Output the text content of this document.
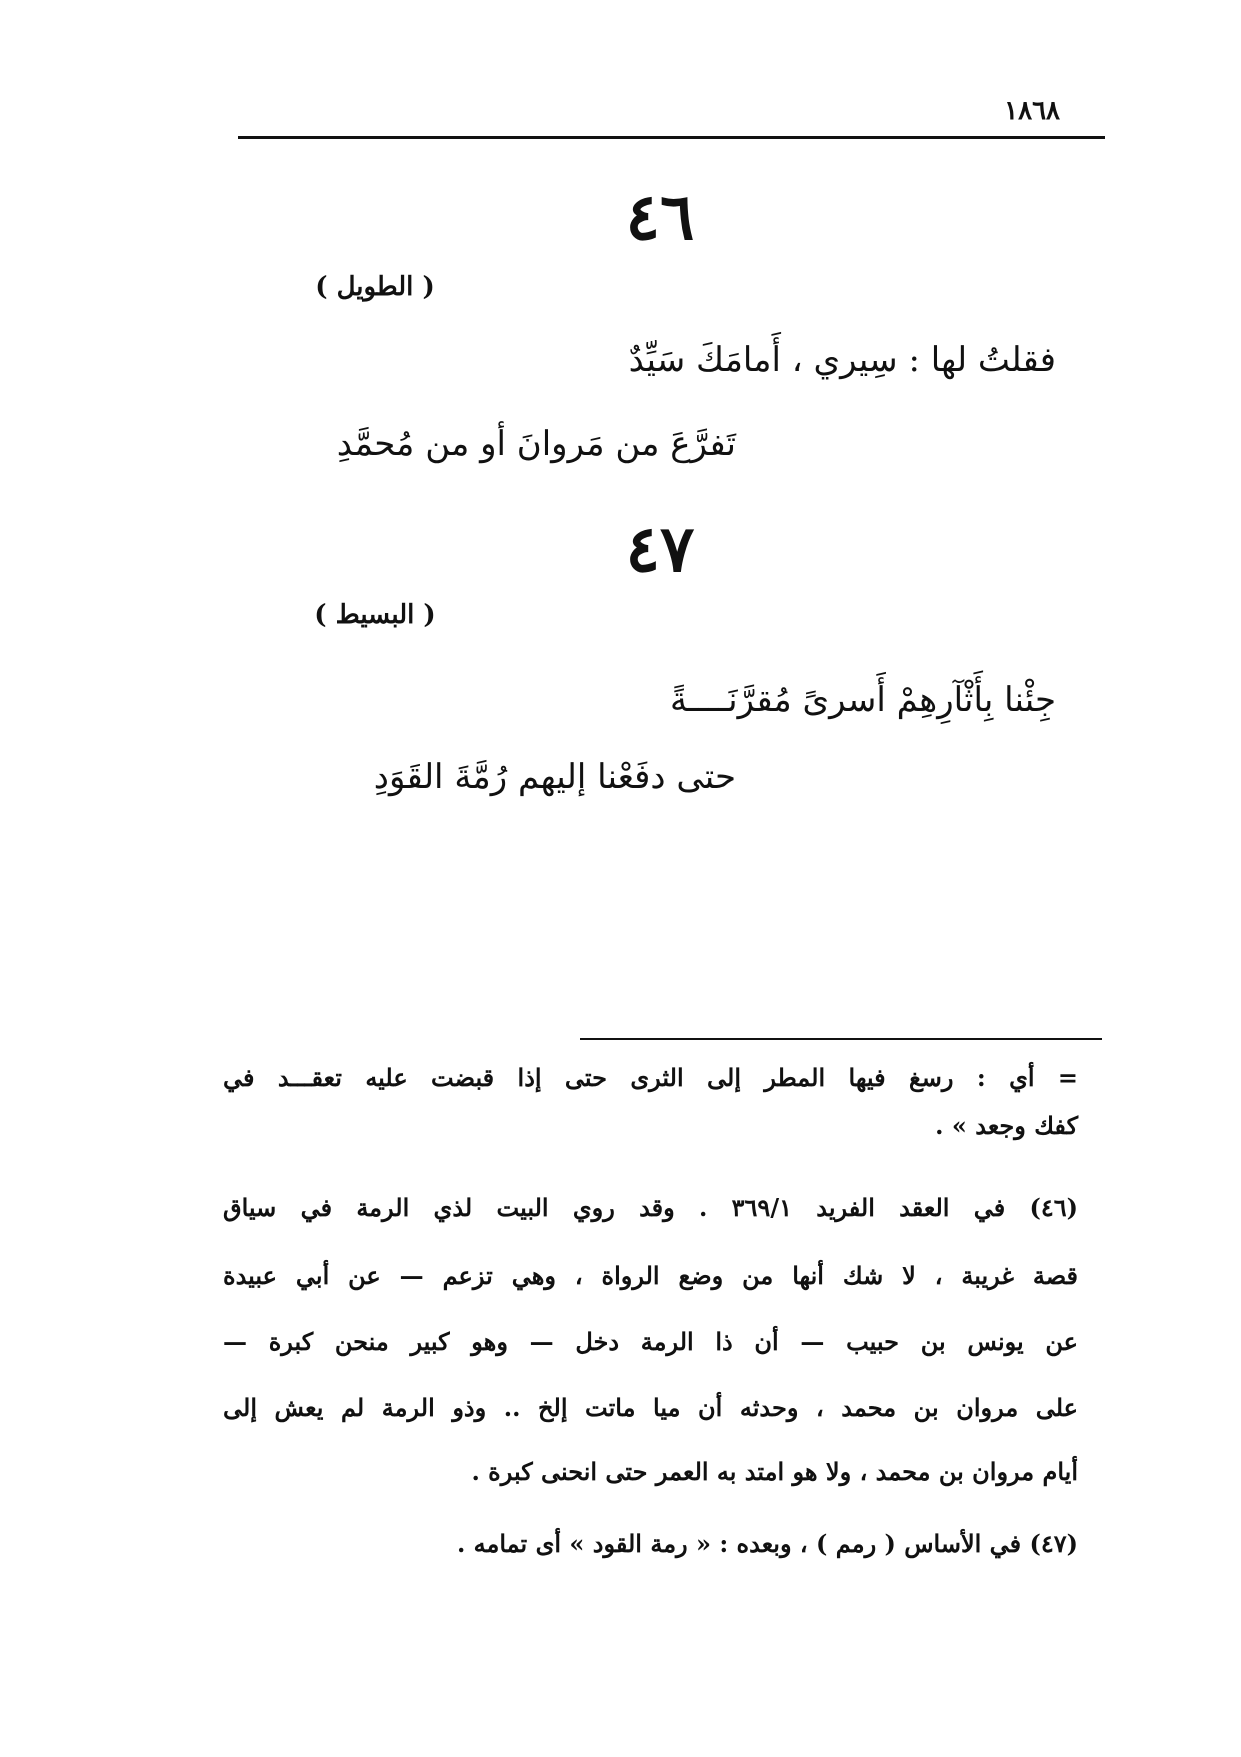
١٨٦٨
٤٦
( الطويل )
فقلتُ لها : سِيري ، أَمامَكَ سَيِّدٌ
تَفرَّعَ من مَروانَ أو من مُحمَّدِ
٤٧
( البسيط )
جِئْنا بِأَثْآرِهِمْ أَسرىً مُقرَّنَــــةً
حتى دفَعْنا إليهم رُمَّةَ القَوَدِ
= أي : رسغ فيها المطر إلى الثرى حتى إذا قبضت عليه تعقـــد في
كفك وجعد » .
(٤٦) في العقد الفريد ٣٦٩/١ . وقد روي البيت لذي الرمة في سياق
قصة غريبة ، لا شك أنها من وضع الرواة ، وهي تزعم — عن أبي عبيدة
عن يونس بن حبيب — أن ذا الرمة دخل — وهو كبير منحن كبرة —
على مروان بن محمد ، وحدثه أن ميا ماتت إلخ .. وذو الرمة لم يعش إلى
أيام مروان بن محمد ، ولا هو امتد به العمر حتى انحنى كبرة .
(٤٧) في الأساس ( رمم ) ، وبعده : « رمة القود » أى تمامه .
